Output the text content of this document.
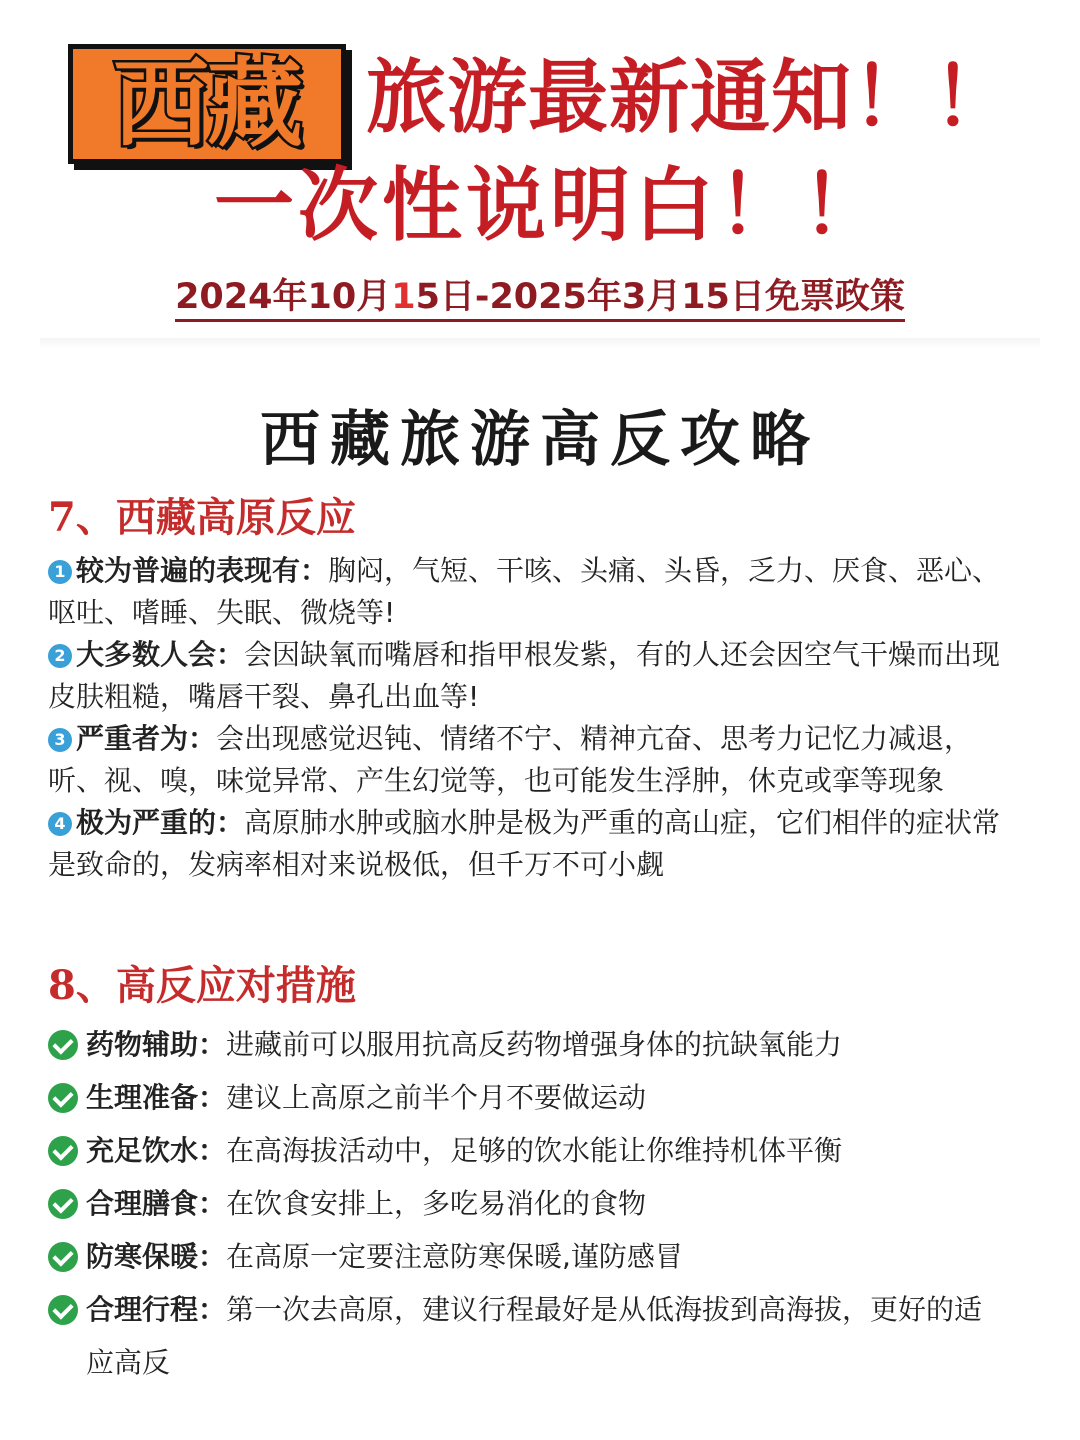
西藏 旅游最新通知！！
一次性说明白！！
2024年10月15日-2025年3月15日免票政策
西藏旅游高反攻略
7、西藏高原反应
1 较为普遍的表现有：胸闷，气短、干咳、头痛、头昏，乏力、厌食、恶心、呕吐、嗜睡、失眠、微烧等!
2 大多数人会：会因缺氧而嘴唇和指甲根发紫，有的人还会因空气干燥而出现皮肤粗糙，嘴唇干裂、鼻孔出血等!
3 严重者为：会出现感觉迟钝、情绪不宁、精神亢奋、思考力记忆力减退，听、视、嗅，味觉异常、产生幻觉等，也可能发生浮肿，休克或挛等现象
4 极为严重的：高原肺水肿或脑水肿是极为严重的高山症，它们相伴的症状常是致命的，发病率相对来说极低，但千万不可小觑
8、高反应对措施
药物辅助：进藏前可以服用抗高反药物增强身体的抗缺氧能力
生理准备：建议上高原之前半个月不要做运动
充足饮水：在高海拔活动中，足够的饮水能让你维持机体平衡
合理膳食：在饮食安排上，多吃易消化的食物
防寒保暖：在高原一定要注意防寒保暖,谨防感冒
合理行程：第一次去高原，建议行程最好是从低海拔到高海拔，更好的适应高反
